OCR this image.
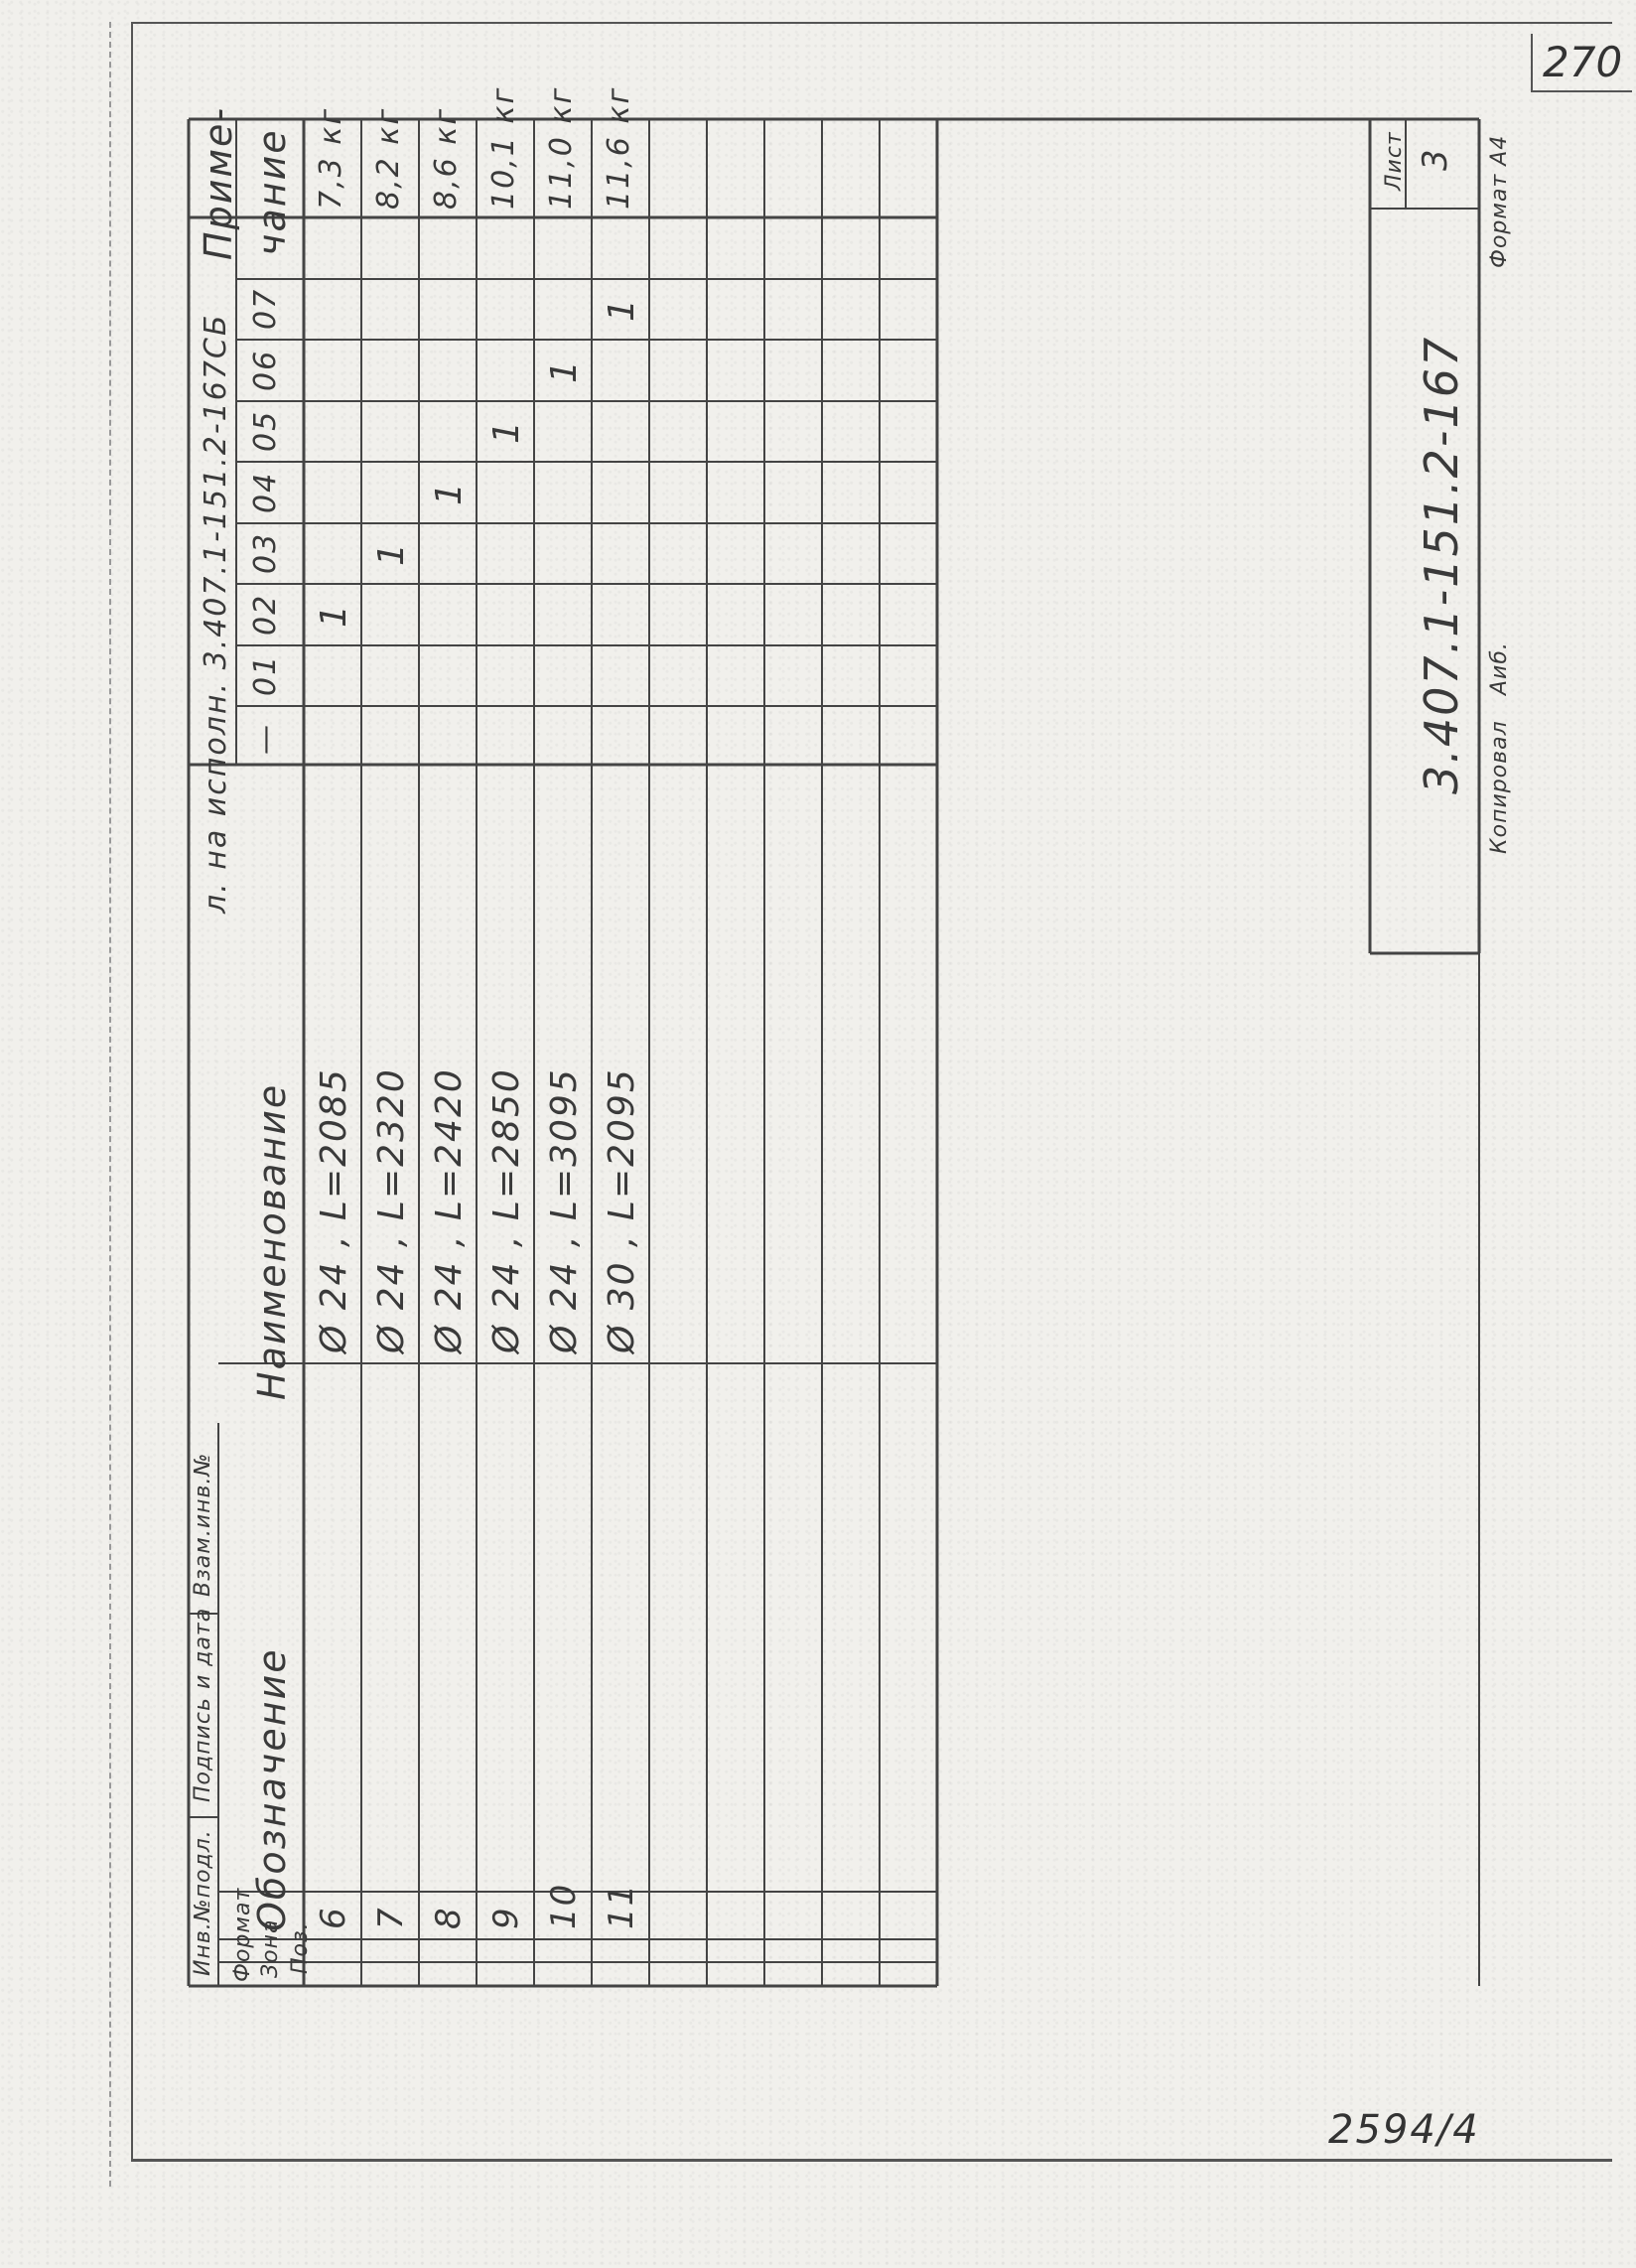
270
2594/4
Инв.№подл.
Подпись и дата
Взам.инв.№
Формат Зона Поз.
Обозначение
Наименование
л. на исполн. 3.407.1-151.2-167СБ
Приме- чание
—
01
02
03
04
05
06
07
6
Ø 24 , L=2085
1
7,3 кг
7
Ø 24 , L=2320
1
8,2 кг
8
Ø 24 , L=2420
1
8,6 кг
9
Ø 24 , L=2850
1
10,1 кг
10
Ø 24 , L=3095
1
11,0 кг
11
Ø 30 , L=2095
1
11,6 кг
3.407.1-151.2-167
Лист 3
Копировал
Аиб.
Формат А4
